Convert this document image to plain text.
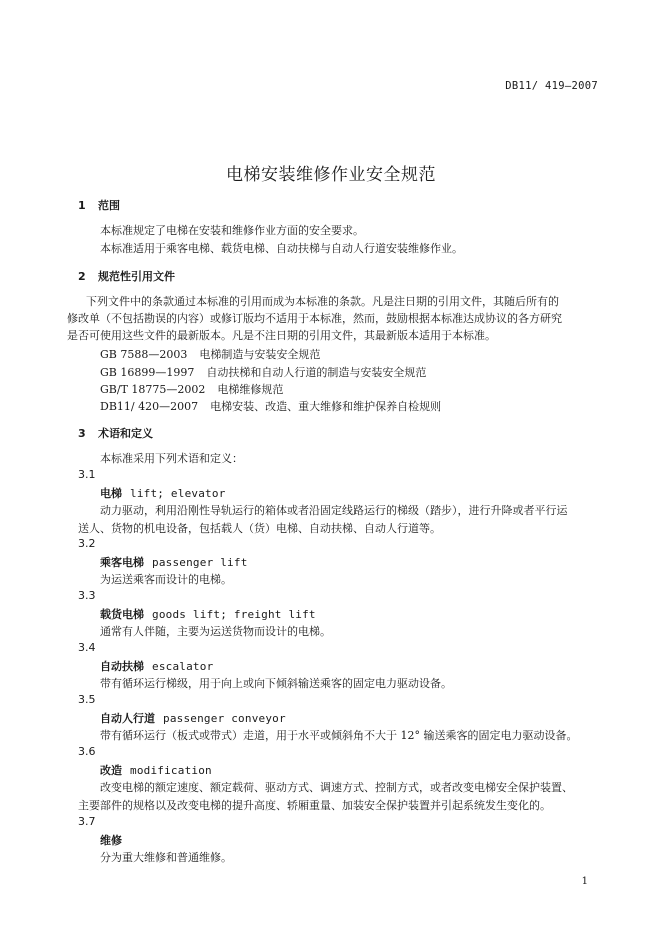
DB11/ 419—2007
电梯安装维修作业安全规范
1 范围
本标准规定了电梯在安装和维修作业方面的安全要求。
本标准适用于乘客电梯、载货电梯、自动扶梯与自动人行道安装维修作业。
2 规范性引用文件
下列文件中的条款通过本标准的引用而成为本标准的条款。凡是注日期的引用文件，其随后所有的
修改单（不包括勘误的内容）或修订版均不适用于本标准，然而，鼓励根据本标准达成协议的各方研究
是否可使用这些文件的最新版本。凡是不注日期的引用文件，其最新版本适用于本标准。
GB 7588—2003 电梯制造与安装安全规范
GB 16899—1997 自动扶梯和自动人行道的制造与安装安全规范
GB/T 18775—2002 电梯维修规范
DB11/ 420—2007 电梯安装、改造、重大维修和维护保养自检规则
3 术语和定义
本标准采用下列术语和定义：
3.1
电梯 lift; elevator
动力驱动，利用沿刚性导轨运行的箱体或者沿固定线路运行的梯级（踏步），进行升降或者平行运
送人、货物的机电设备，包括载人（货）电梯、自动扶梯、自动人行道等。
3.2
乘客电梯 passenger lift
为运送乘客而设计的电梯。
3.3
载货电梯 goods lift; freight lift
通常有人伴随，主要为运送货物而设计的电梯。
3.4
自动扶梯 escalator
带有循环运行梯级，用于向上或向下倾斜输送乘客的固定电力驱动设备。
3.5
自动人行道 passenger conveyor
带有循环运行（板式或带式）走道，用于水平或倾斜角不大于 12° 输送乘客的固定电力驱动设备。
3.6
改造 modification
改变电梯的额定速度、额定载荷、驱动方式、调速方式、控制方式，或者改变电梯安全保护装置、
主要部件的规格以及改变电梯的提升高度、轿厢重量、加装安全保护装置并引起系统发生变化的。
3.7
维修
分为重大维修和普通维修。
1
